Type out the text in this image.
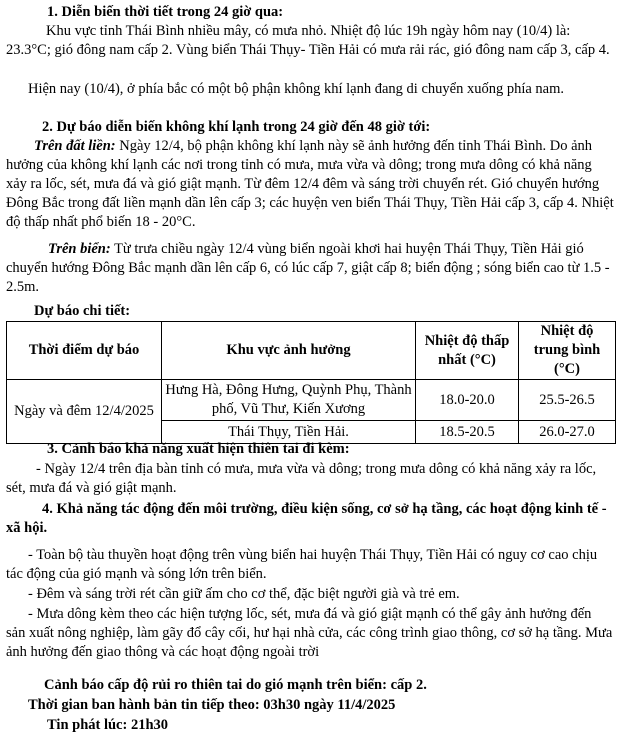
1. Diễn biến thời tiết trong 24 giờ qua:

Khu vực tỉnh Thái Bình nhiều mây, có mưa nhỏ. Nhiệt độ lúc 19h ngày hôm nay (10/4) là: 23.3°C; gió đông nam cấp 2. Vùng biển Thái Thụy- Tiền Hải có mưa rải rác, gió đông nam cấp 3, cấp 4.

Hiện nay (10/4), ở phía bắc có một bộ phận không khí lạnh đang di chuyển xuống phía nam.

2. Dự báo diễn biến không khí lạnh trong 24 giờ đến 48 giờ tới:

Trên đất liền: Ngày 12/4, bộ phận không khí lạnh này sẽ ảnh hưởng đến tỉnh Thái Bình. Do ảnh hưởng của không khí lạnh các nơi trong tỉnh có mưa, mưa vừa và dông; trong mưa dông có khả năng xảy ra lốc, sét, mưa đá và gió giật mạnh. Từ đêm 12/4 đêm và sáng trời chuyển rét. Gió chuyển hướng Đông Bắc trong đất liền mạnh dần lên cấp 3; các huyện ven biển Thái Thụy, Tiền Hải cấp 3, cấp 4. Nhiệt độ thấp nhất phổ biến 18 - 20°C.

Trên biển: Từ trưa chiều ngày 12/4 vùng biển ngoài khơi hai huyện Thái Thụy, Tiền Hải gió chuyển hướng Đông Bắc mạnh dần lên cấp 6, có lúc cấp 7, giật cấp 8; biển động ; sóng biển cao từ 1.5 - 2.5m.

Dự báo chi tiết:

Thời điểm dự báo	Khu vực ảnh hưởng	Nhiệt độ thấp nhất (°C)	Nhiệt độ trung bình (°C)
Ngày và đêm 12/4/2025	Hưng Hà, Đông Hưng, Quỳnh Phụ, Thành phố, Vũ Thư, Kiến Xương	18.0-20.0	25.5-26.5
	Thái Thụy, Tiền Hải.	18.5-20.5	26.0-27.0

3. Cảnh báo khả năng xuất hiện thiên tai đi kèm:

- Ngày 12/4 trên địa bàn tỉnh có mưa, mưa vừa và dông; trong mưa dông có khả năng xảy ra lốc, sét, mưa đá và gió giật mạnh.

4. Khả năng tác động đến môi trường, điều kiện sống, cơ sở hạ tầng, các hoạt động kinh tế - xã hội.

- Toàn bộ tàu thuyền hoạt động trên vùng biển hai huyện Thái Thụy, Tiền Hải có nguy cơ cao chịu tác động của gió mạnh và sóng lớn trên biển.

- Đêm và sáng trời rét cần giữ ấm cho cơ thể, đặc biệt người già và trẻ em.

- Mưa dông kèm theo các hiện tượng lốc, sét, mưa đá và gió giật mạnh có thể gây ảnh hưởng đến sản xuất nông nghiệp, làm gãy đổ cây cối, hư hại nhà cửa, các công trình giao thông, cơ sở hạ tầng. Mưa ảnh hưởng đến giao thông và các hoạt động ngoài trời

Cảnh báo cấp độ rủi ro thiên tai do gió mạnh trên biển: cấp 2.

Thời gian ban hành bản tin tiếp theo: 03h30 ngày 11/4/2025

Tin phát lúc: 21h30
